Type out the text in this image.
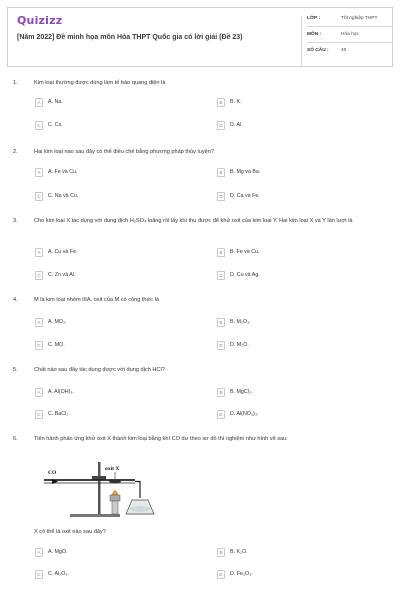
Quizizz
[Năm 2022] Đề minh họa môn Hóa THPT Quốc gia có lời giải (Đề 23)
LỚP :	Tốt nghiệp THPT
MÔN :	Hóa học
SỐ CÂU :	40
1.	Kim loại thường được dùng làm tế bào quang điện là
A	A. Na.	B	B. K.
C	C. Cs.	D	D. Al.
2.	Hai kim loại nào sau đây có thể điều chế bằng phương pháp thủy luyện?
A	A. Fe và Cu.	B	B. Mg và Ba.
C	C. Na và Cu.	D	D. Ca và Fe.
3.	Cho kim loại X tác dụng với dung dịch H₂SO₄ loãng rồi lấy khí thu được để khử oxit của kim loại Y. Hai kim loại X và Y lần lượt là
A	A. Cu và Fe.	B	B. Fe và Cu.
C	C. Zn và Al.	D	D. Cu và Ag.
4.	M là kim loại nhóm IIIA, oxit của M có công thức là
A	A. MO₂.	B	B. M₂O₃.
C	C. MO.	D	D. M₂O.
5.	Chất nào sau đây tác dụng được với dung dịch HCl?
A	A. Al(OH)₃.	B	B. MgCl₂.
C	C. BaCl₂.	D	D. Al(NO₃)₃.
6.	Tiến hành phản ứng khử oxit X thành kim loại bằng khí CO dư theo sơ đồ thí nghiệm như hình vẽ sau:
X có thể là oxit nào sau đây?
A	A. MgO.	B	B. K₂O.
C	C. Al₂O₃.	D	D. Fe₂O₃.
CO
oxit X
